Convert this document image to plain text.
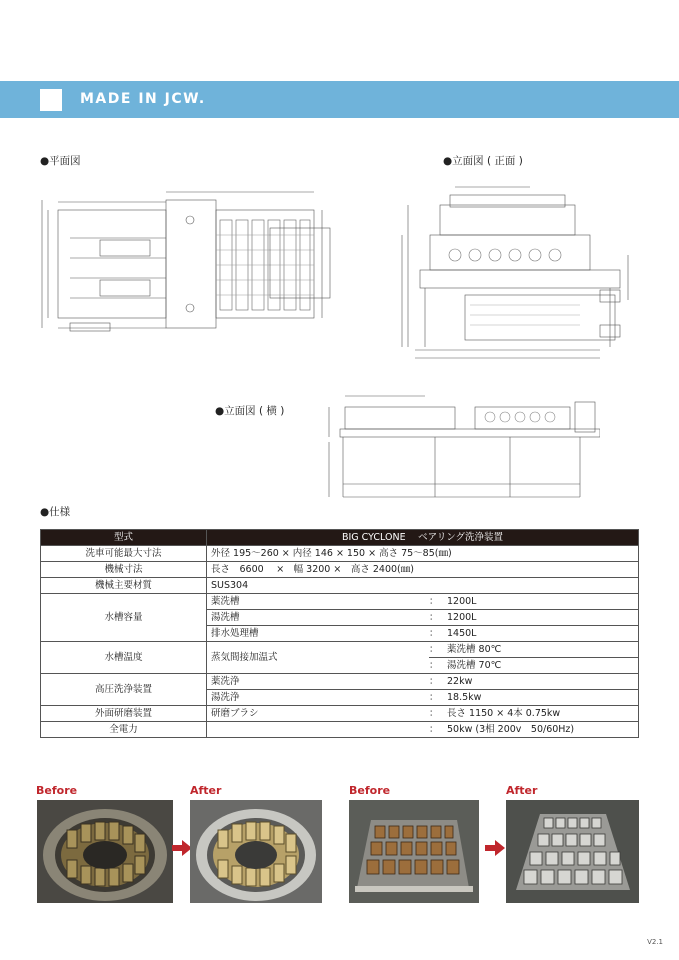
MADE IN JCW.
●平面図	●立面図 ( 正面 )
●立面図 ( 横 )
●仕様
型式	BIG CYCLONE　 ベアリング洗浄装置			
洗車可能最大寸法	外径 195～260 × 内径 146 × 150 × 高さ 75～85(㎜)			
機械寸法	長さ　6600　 ×　幅 3200 ×　高さ 2400(㎜)			
機械主要材質	SUS304			
水槽容量	薬洗槽		：	1200L
	湯洗槽		：	1200L
	排水処理槽		：	1450L
水槽温度	蒸気間接加温式		：	薬洗槽 80℃
			：	湯洗槽 70℃
高圧洗浄装置	薬洗浄		：	22kw
	湯洗浄		：	18.5kw
外面研磨装置	研磨ブラシ		：	長さ 1150 × 4本 0.75kw
全電力			：	50kw (3相 200v　50/60Hz)
Before	After	Before	After
V2.1
